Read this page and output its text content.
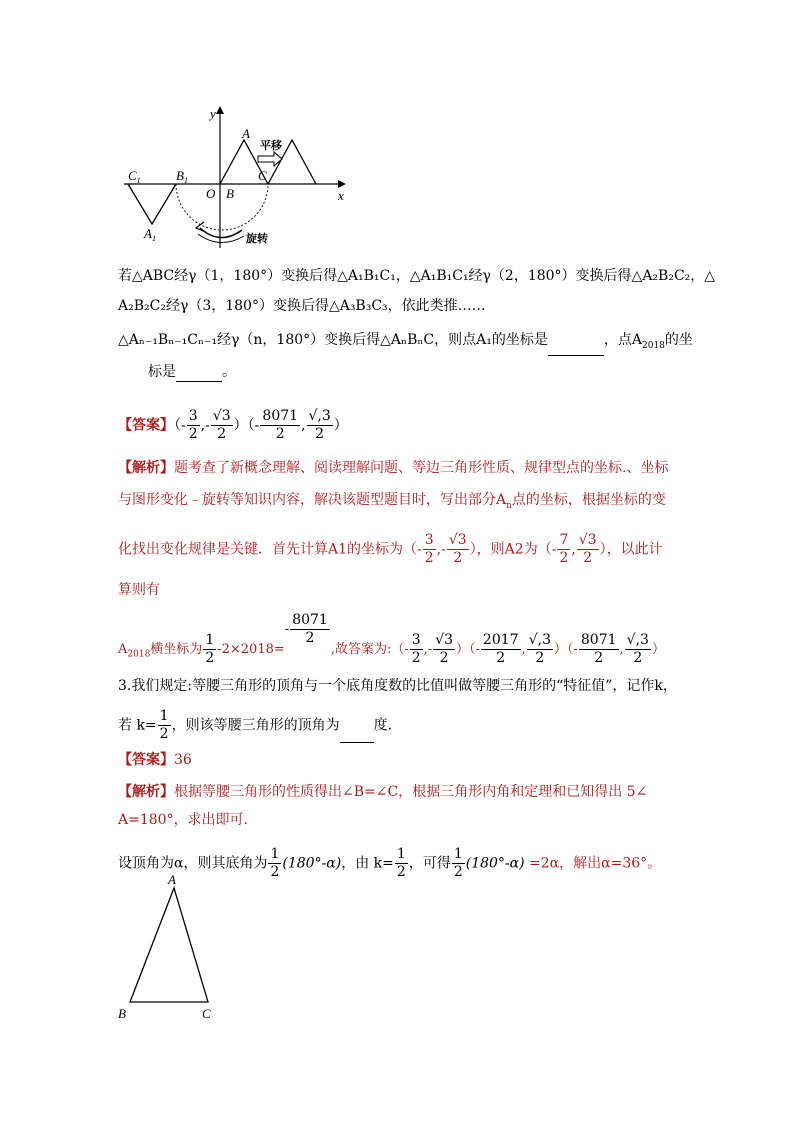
y
x
$C_1$	$B_1$
$A_1$
O B
C
A
平移
旋转
若△ABC经γ（1，180°）变换后得△A₁B₁C₁，△A₁B₁C₁经γ（2，180°）变换后得△A₂B₂C₂，△
A₂B₂C₂经γ（3，180°）变换后得△A₃B₃C₃，依此类推……
△Aₙ₋₁Bₙ₋₁Cₙ₋₁经γ（n，180°）变换后得△AₙBₙC，则点A₁的坐标是	，点$A_{2018}$的坐
标是	。
【答案】（- $\frac{3}{2}$ ,- $\frac{√3}{2}$ ）（- $\frac{8071}{2}$ , $\frac{√,3}{2}$ ）
【解析】题考查了新概念理解、阅读理解问题、等边三角形性质、规律型点的坐标.、坐标
与图形变化﹣旋转等知识内容，解决该题型题目时，写出部分$A_n$点的坐标，根据坐标的变
化找出变化规律是关键．首先计算A1的坐标为（- $\frac{3}{2}$ ,- $\frac{√3}{2}$ ），则A2为（- $\frac{7}{2}$ , $\frac{√3}{2}$ ），以此计
算则有
$A_{2018}$横坐标为 $\frac{1}{2} -2\times 2018=- \frac{8071}{2}$
,故答案为:（- $\frac{3}{2}$ ,- $\frac{√3}{2}$ ）（- $\frac{2017}{2}$ , $\frac{√,3}{2}$ ）（- $\frac{8071}{2}$ , $\frac{√,3}{2}$ ）
3.我们规定:等腰三角形的顶角与一个底角度数的比值叫做等腰三角形的“特征值”，记作k，
若 $k= \frac{1}{2}$ ，则该等腰三角形的顶角为 度.
【答案】36
【解析】根据等腰三角形的性质得出∠B=∠C，根据三角形内角和定理和已知得出 5∠
A=180°，求出即可.
设顶角为α，则其底角为 $\frac{1}{2} (180^\circ-\alpha)$，由 $k= \frac{1}{2}$ ，可得 $\frac{1}{2} (180^\circ-\alpha) =2\alpha$，解出α=36°。
A
B	C
